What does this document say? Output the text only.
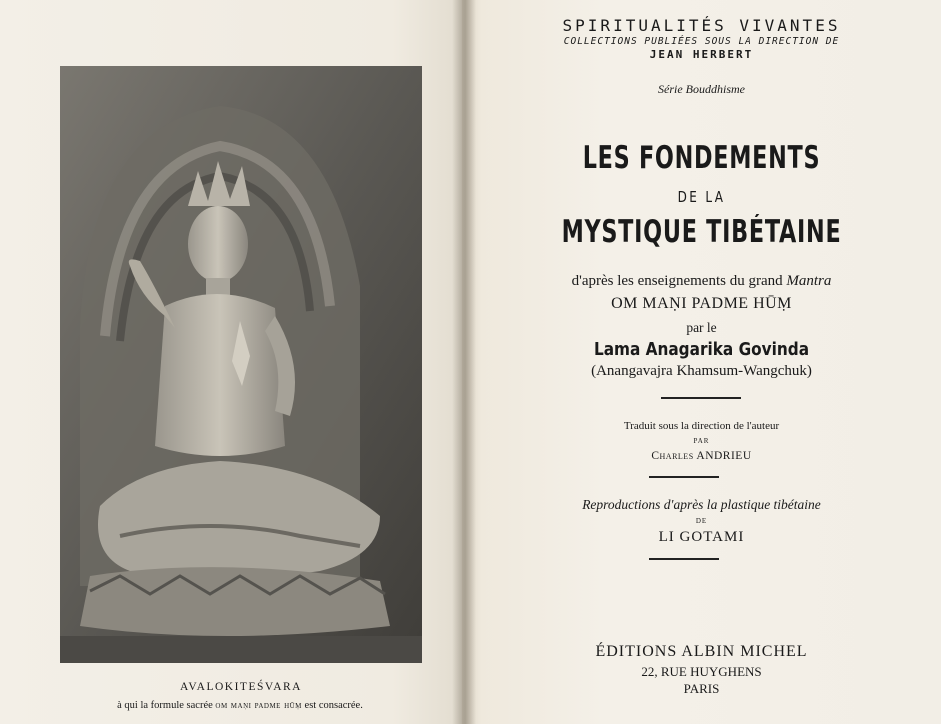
AVALOKITEŚVARA
à qui la formule sacrée om maṇi padme hūṃ est consacrée.
SPIRITUALITÉS VIVANTES
COLLECTIONS PUBLIÉES SOUS LA DIRECTION DE
JEAN HERBERT
Série Bouddhisme
LES FONDEMENTS
DE LA
MYSTIQUE TIBÉTAINE
d'après les enseignements du grand Mantra
OM MAṆI PADME HŪṂ
par le
Lama Anagarika Govinda
(Anangavajra Khamsum-Wangchuk)
Traduit sous la direction de l'auteur
PAR
Charles ANDRIEU
Reproductions d'après la plastique tibétaine
DE
LI GOTAMI
ÉDITIONS ALBIN MICHEL
22, RUE HUYGHENS
PARIS
